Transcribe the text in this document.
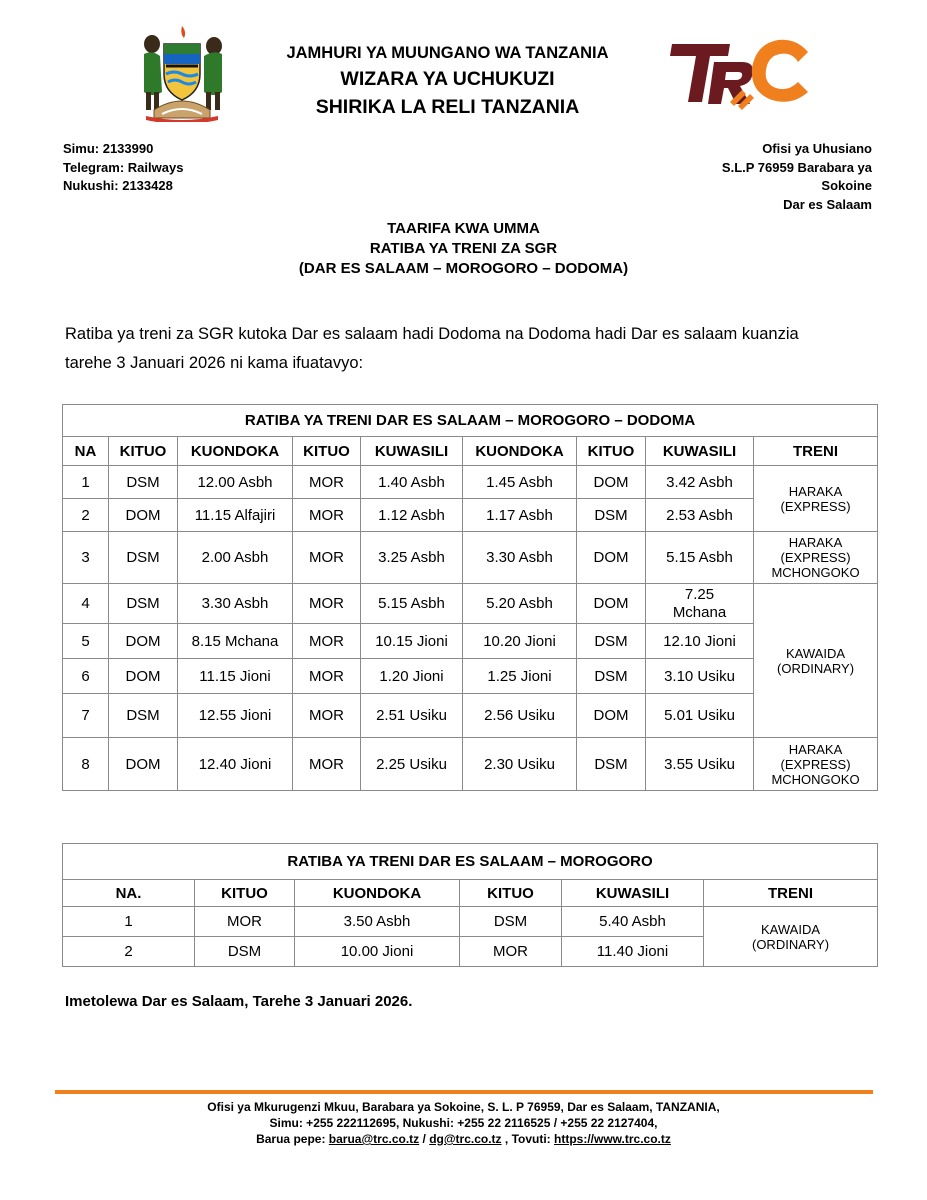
JAMHURI YA MUUNGANO WA TANZANIA
WIZARA YA UCHUKUZI
SHIRIKA LA RELI TANZANIA	TRC
Simu: 2133990
Telegram: Railways
Nukushi: 2133428
Ofisi ya Uhusiano
S.L.P 76959 Barabara ya
Sokoine
Dar es Salaam
TAARIFA KWA UMMA
RATIBA YA TRENI ZA SGR
(DAR ES SALAAM – MOROGORO – DODOMA)
Ratiba ya treni za SGR kutoka Dar es salaam hadi Dodoma na Dodoma hadi Dar es salaam kuanzia
tarehe 3 Januari 2026 ni kama ifuatavyo:
RATIBA YA TRENI DAR ES SALAAM – MOROGORO – DODOMA								
NA	KITUO	KUONDOKA	KITUO	KUWASILI	KUONDOKA	KITUO	KUWASILI	TRENI
1	DSM	12.00 Asbh	MOR	1.40 Asbh	1.45 Asbh	DOM	3.42 Asbh	HARAKA
(EXPRESS)

2	DOM	11.15 Alfajiri	MOR	1.12 Asbh	1.17 Asbh	DSM	2.53 Asbh	
3	DSM	2.00 Asbh	MOR	3.25 Asbh	3.30 Asbh	DOM	5.15 Asbh	HARAKA
(EXPRESS)
MCHONGOKO

4	DSM	3.30 Asbh	MOR	5.15 Asbh	5.20 Asbh	DOM	7.25 Mchana	KAWAIDA
(ORDINARY)

5	DOM	8.15 Mchana	MOR	10.15 Jioni	10.20 Jioni	DSM	12.10 Jioni	
6	DOM	11.15 Jioni	MOR	1.20 Jioni	1.25 Jioni	DSM	3.10 Usiku	
7	DSM	12.55 Jioni	MOR	2.51 Usiku	2.56 Usiku	DOM	5.01 Usiku	
8	DOM	12.40 Jioni	MOR	2.25 Usiku	2.30 Usiku	DSM	3.55 Usiku	HARAKA
(EXPRESS)
MCHONGOKO
RATIBA YA TRENI DAR ES SALAAM – MOROGORO					
NA.	KITUO	KUONDOKA	KITUO	KUWASILI	TRENI
1	MOR	3.50 Asbh	DSM	5.40 Asbh	KAWAIDA
(ORDINARY)

2	DSM	10.00 Jioni	MOR	11.40 Jioni	
Imetolewa Dar es Salaam, Tarehe 3 Januari 2026.
Ofisi ya Mkurugenzi Mkuu, Barabara ya Sokoine, S. L. P 76959, Dar es Salaam, TANZANIA,
Simu: +255 222112695, Nukushi: +255 22 2116525 / +255 22 2127404,
Barua pepe: barua@trc.co.tz / dg@trc.co.tz , Tovuti: https://www.trc.co.tz
